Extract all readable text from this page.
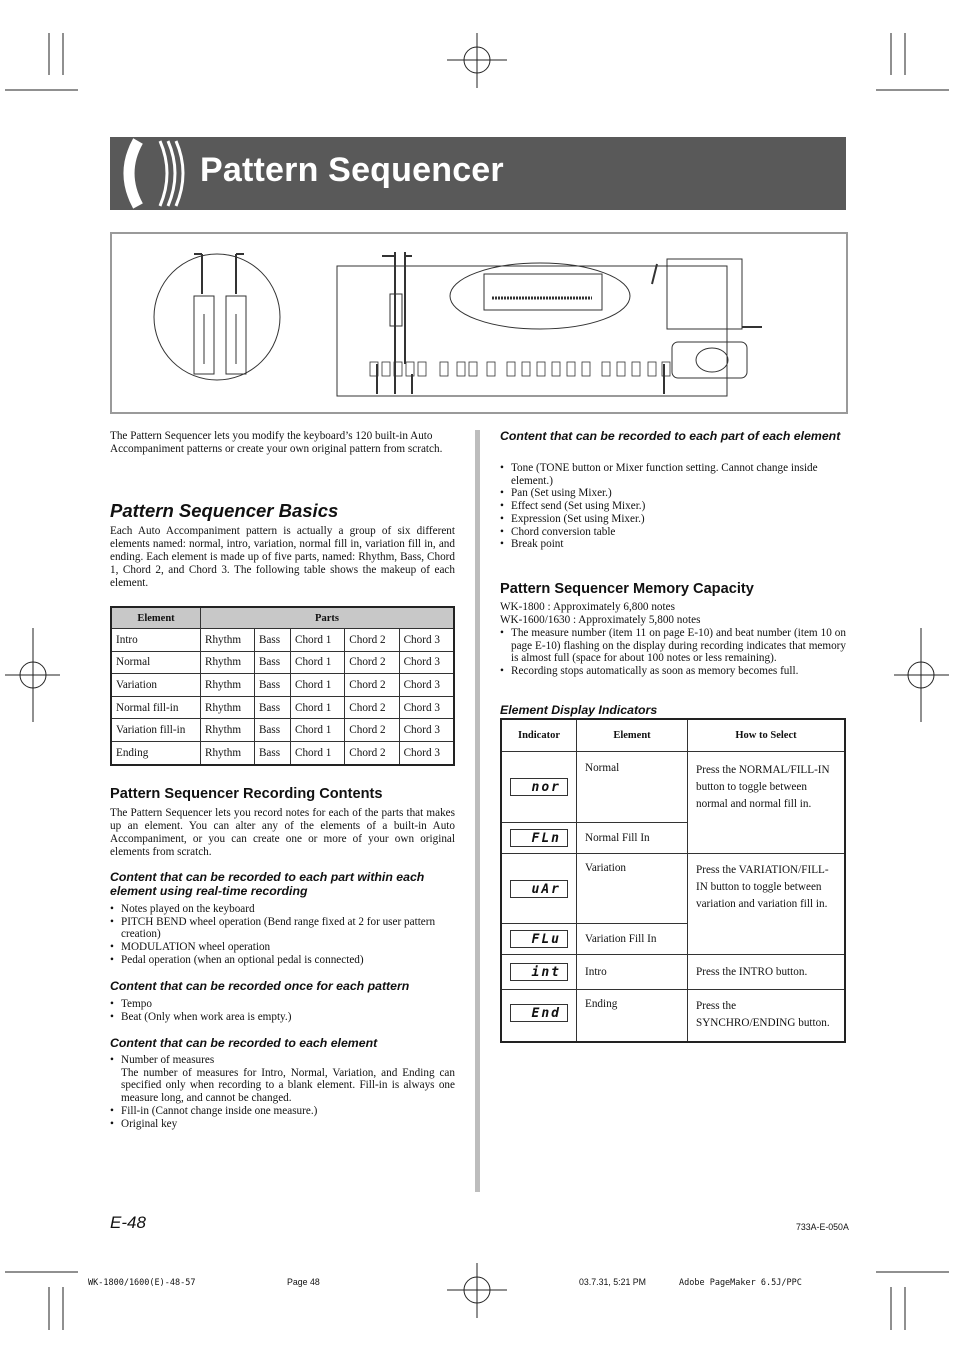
Pattern Sequencer
The Pattern Sequencer lets you modify the keyboard’s 120 built-in Auto Accompaniment patterns or create your own original pattern from scratch.
Pattern Sequencer Basics
Each Auto Accompaniment pattern is actually a group of six different elements named: normal, intro, variation, normal fill in, variation fill in, and ending. Each element is made up of five parts, named: Rhythm, Bass, Chord 1, Chord 2, and Chord 3. The following table shows the makeup of each element.
Element	Parts				
Intro	Rhythm	Bass	Chord 1	Chord 2	Chord 3
Normal	Rhythm	Bass	Chord 1	Chord 2	Chord 3
Variation	Rhythm	Bass	Chord 1	Chord 2	Chord 3
Normal fill-in	Rhythm	Bass	Chord 1	Chord 2	Chord 3
Variation fill-in	Rhythm	Bass	Chord 1	Chord 2	Chord 3
Ending	Rhythm	Bass	Chord 1	Chord 2	Chord 3
Pattern Sequencer Recording Contents
The Pattern Sequencer lets you record notes for each of the parts that makes up an element. You can alter any of the elements of a built-in Auto Accompaniment, or you can create one or more of your own original elements from scratch.
Content that can be recorded to each part within each element using real-time recording
• Notes played on the keyboard
• PITCH BEND wheel operation (Bend range fixed at 2 for user pattern creation)
• MODULATION wheel operation
• Pedal operation (when an optional pedal is connected)
Content that can be recorded once for each pattern
• Tempo
• Beat (Only when work area is empty.)
Content that can be recorded to each element
• Number of measures

The number of measures for Intro, Normal, Variation, and Ending can specified only when recording to a blank element. Fill-in is always one measure long, and cannot be changed.
• Fill-in (Cannot change inside one measure.)
• Original key
Content that can be recorded to each part of each element
• Tone (TONE button or Mixer function setting. Cannot change inside element.)
• Pan (Set using Mixer.)
• Effect send (Set using Mixer.)
• Expression (Set using Mixer.)
• Chord conversion table
• Break point
Pattern Sequencer Memory Capacity
WK-1800 : Approximately 6,800 notes
WK-1600/1630 : Approximately 5,800 notes
• The measure number (item 11 on page E-10) and beat number (item 10 on page E-10) flashing on the display during recording indicates that memory is almost full (space for about 100 notes or less remaining).
• Recording stops automatically as soon as memory becomes full.
Element Display Indicators
Indicator	Element	How to Select

nor	Normal	Press the NORMAL/FILL-IN button to toggle between normal and normal fill in.

FLn	Normal Fill In	

uAr	Variation	Press the VARIATION/FILL-IN button to toggle between variation and variation fill in.

FLu	Variation Fill In	

int	Intro	Press the INTRO button.

End	Ending	Press the SYNCHRO/ENDING button.
E-48	733A-E-050A
WK-1800/1600(E)-48-57	Page 48	03.7.31, 5:21 PM	Adobe PageMaker 6.5J/PPC
